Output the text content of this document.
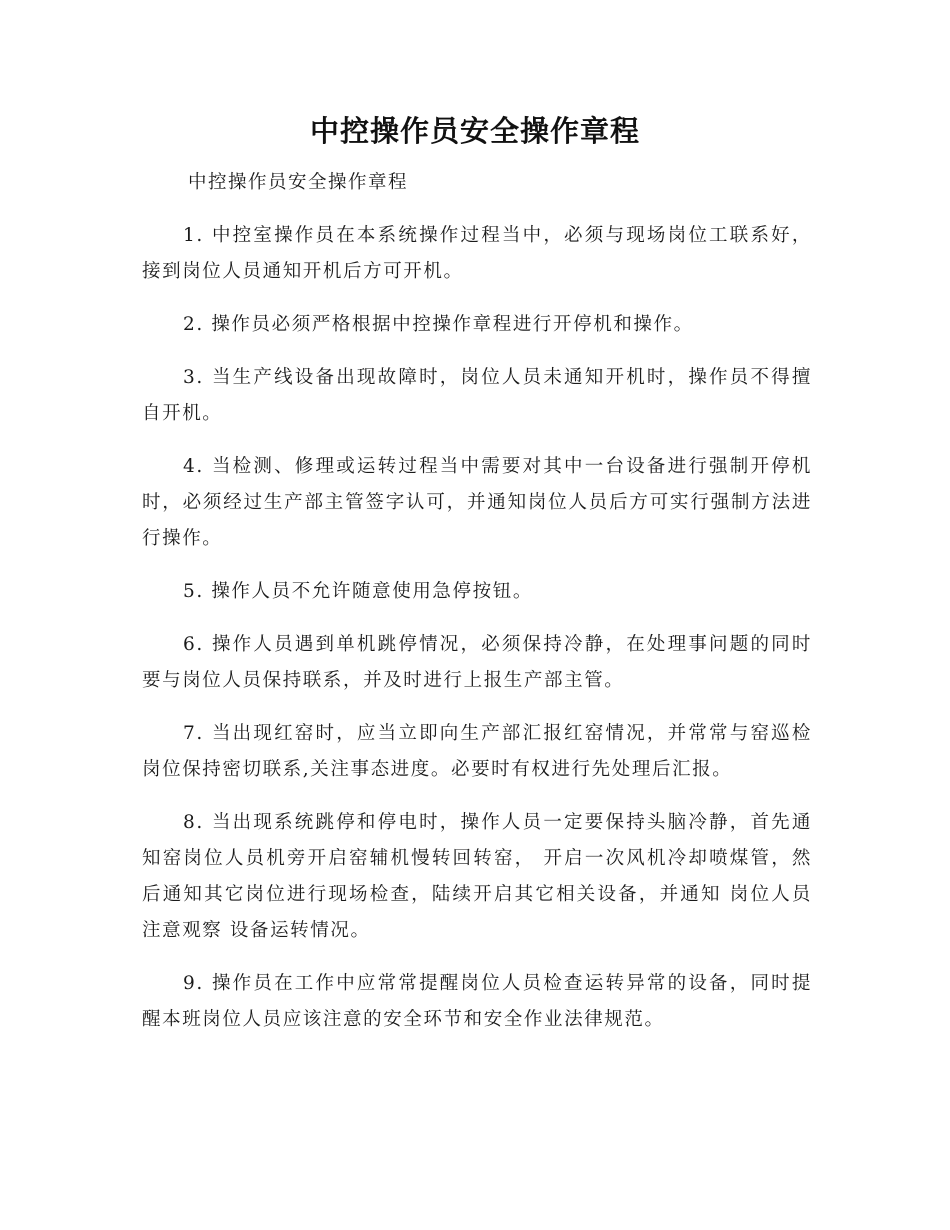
中控操作员安全操作章程
中控操作员安全操作章程

1. 中控室操作员在本系统操作过程当中，必须与现场岗位工联系好，接到岗位人员通知开机后方可开机。

2. 操作员必须严格根据中控操作章程进行开停机和操作。

3. 当生产线设备出现故障时，岗位人员未通知开机时，操作员不得擅自开机。

4. 当检测、修理或运转过程当中需要对其中一台设备进行强制开停机时，必须经过生产部主管签字认可，并通知岗位人员后方可实行强制方法进行操作。

5. 操作人员不允许随意使用急停按钮。

6. 操作人员遇到单机跳停情况，必须保持冷静，在处理事问题的同时要与岗位人员保持联系，并及时进行上报生产部主管。

7. 当出现红窑时，应当立即向生产部汇报红窑情况，并常常与窑巡检岗位保持密切联系,关注事态进度。必要时有权进行先处理后汇报。

8. 当出现系统跳停和停电时，操作人员一定要保持头脑冷静，首先通知窑岗位人员机旁开启窑辅机慢转回转窑， 开启一次风机冷却喷煤管，然后通知其它岗位进行现场检查，陆续开启其它相关设备，并通知 岗位人员注意观察 设备运转情况。

9. 操作员在工作中应常常提醒岗位人员检查运转异常的设备，同时提醒本班岗位人员应该注意的安全环节和安全作业法律规范。
